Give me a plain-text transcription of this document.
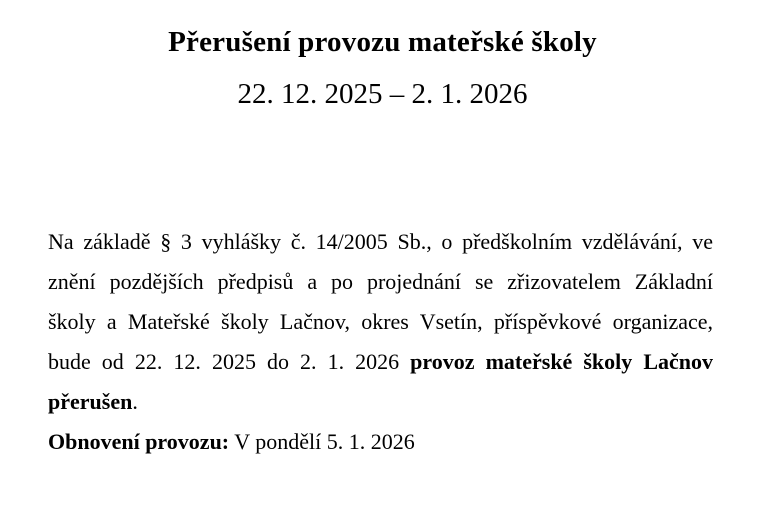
Přerušení provozu mateřské školy
22. 12. 2025 – 2. 1. 2026
Na základě § 3 vyhlášky č. 14/2005 Sb., o předškolním vzdělávání, ve
znění pozdějších předpisů a po projednání se zřizovatelem Základní
školy a Mateřské školy Lačnov, okres Vsetín, příspěvkové organizace,
bude od 22. 12. 2025 do 2. 1. 2026 provoz mateřské školy Lačnov
přerušen.
Obnovení provozu: V pondělí 5. 1. 2026
